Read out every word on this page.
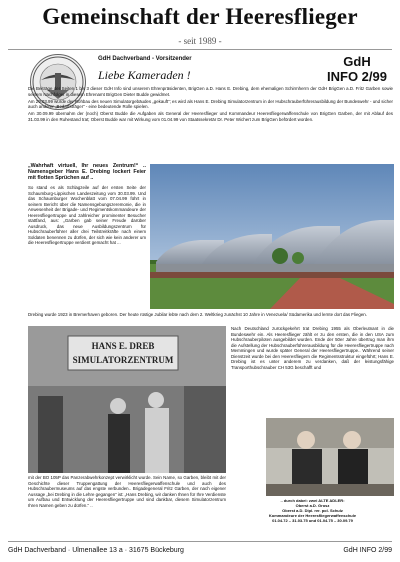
Gemeinschaft der Heeresflieger
- seit 1989 -
GdH Dachverband - Vorsitzender
Liebe Kameraden !
GdH
INFO 2/99

Die Beiträge der Seiten 1 bis 3 dieser GdH Info sind unserem Ehrenpräsidenten, BrigGen a.D. Hans E. Drebing, dem ehemaligen Schirmherrn der GdH BrigGen a.D. Fritz Garben sowie seinem Nachfolger in diesem Ehrenamt BrigGen Dieter Budde gewidmet.

Am 29.03.99 wurde der Rohbau des neuen Simulatorgebäudes „gekauft“; es wird als Hans E. Drebing Simulatorzentrum in der Hubschrauberführerausbildung der Bundeswehr - und sicher auch anderer „Bedarfsträger“ - eine bedeutende Rolle spielen.

Am 30.09.99 übernahm der (noch) Oberst Budde die Aufgaben als General der Heeresflieger und Kommandeur Heeresfliegerwaffenschule von BrigGen Garben, der mit Ablauf des 31.03.99 in den Ruhestand trat; Oberst Budde war mit Wirkung vom 01.04.99 von Staatssekretär Dr. Peter Wichert zum BrigGen befördert worden.

„Wahrhaft virtuell, Ihr neues Zentrum!“ .. Namensgeber Hans E. Drebing lockert Feier mit flotten Sprüchen auf ..
So stand es als Schlagzeile auf der ersten Seite der Schaumburg-Lippischen Landeszeitung vom 30.03.99. Und das Schaumburger Wochenblatt vom 07.04.99 führt in seinem Bericht über die Namensgebungszeremonie, die in Anwesenheit der Brigade- und Regimentskommandeure der Heeresfliegertruppe und zahlreicher prominenter Besucher stattfand, aus: „Garben gab seiner Freude darüber Ausdruck, das neue Ausbildungszentrum für Hubschrauberführer aller drei Teilstreitkräfte nach einem Soldaten benennen zu dürfen, der sich wie kein anderer um die Heeresfliegertruppe verdient gemacht hat ...
Drebing wurde 1923 in Bremerhaven geboren. Der heute rüstige Jubilar lebte nach dem 2. Weltkrieg zunächst 10 Jahre in Venezuela/ Südamerika und lernte dort das Fliegen.
HANS E. DREB
SIMULATORZENTRUM
Nach Deutschland zurückgekehrt trat Drebing 1955 als Oberleutnant in die Bundeswehr ein. Als Heeresflieger zählt er zu den ersten, die in den USA zum Hubschrauberpiloten ausgebildet wurden. Ende der 50er Jahre übertrug man ihm die Aufstellung der Hubschrauberführerausbildung für die Heeresfliegertruppe nach Memmingen und wurde später General der Heeresfliegertruppe.. Während seiner Dienstzeit wurde bei den Heeresfliegern die Regimentsstruktur eingeführt; Hans E. Drebing ist es unter anderem zu verdanken, daß der leistungsfähige Transporthubschrauber CH 53G beschafft und
.. durch dabei: zwei ALTE ADLER:
Oberst a.D. Grosz
Oberst a.D. Dipl. rer. pol. Schulz
Kommandeure der Heeresfliegerwaffenschule
01.04.72 – 31.03.75 und 01.04.75 – 30.09.79
mit der BO 105P das Panzerabwehrkonzept verwirklicht wurde. Sein Name, so Garben, bleibt mit der Geschichte dieser Truppengattung der Heeresfliegerwaffenschule und auch des Hubschraubermuseums auf das engste verbunden.. Brigadegeneral Fritz Garben, der nach eigener Aussage „bei Drebing in die Lehre gegangen“ ist: „Hans Drebing, wir danken Ihnen für Ihre Verdienste um Aufbau und Entwicklung der Heeresfliegertruppe und sind dankbar, diesem Simulatorzentrum Ihren Namen geben zu dürfen.“ ..
GdH Dachverband · Ulmenallee 13 a · 31675 Bückeburg	GdH INFO 2/99
